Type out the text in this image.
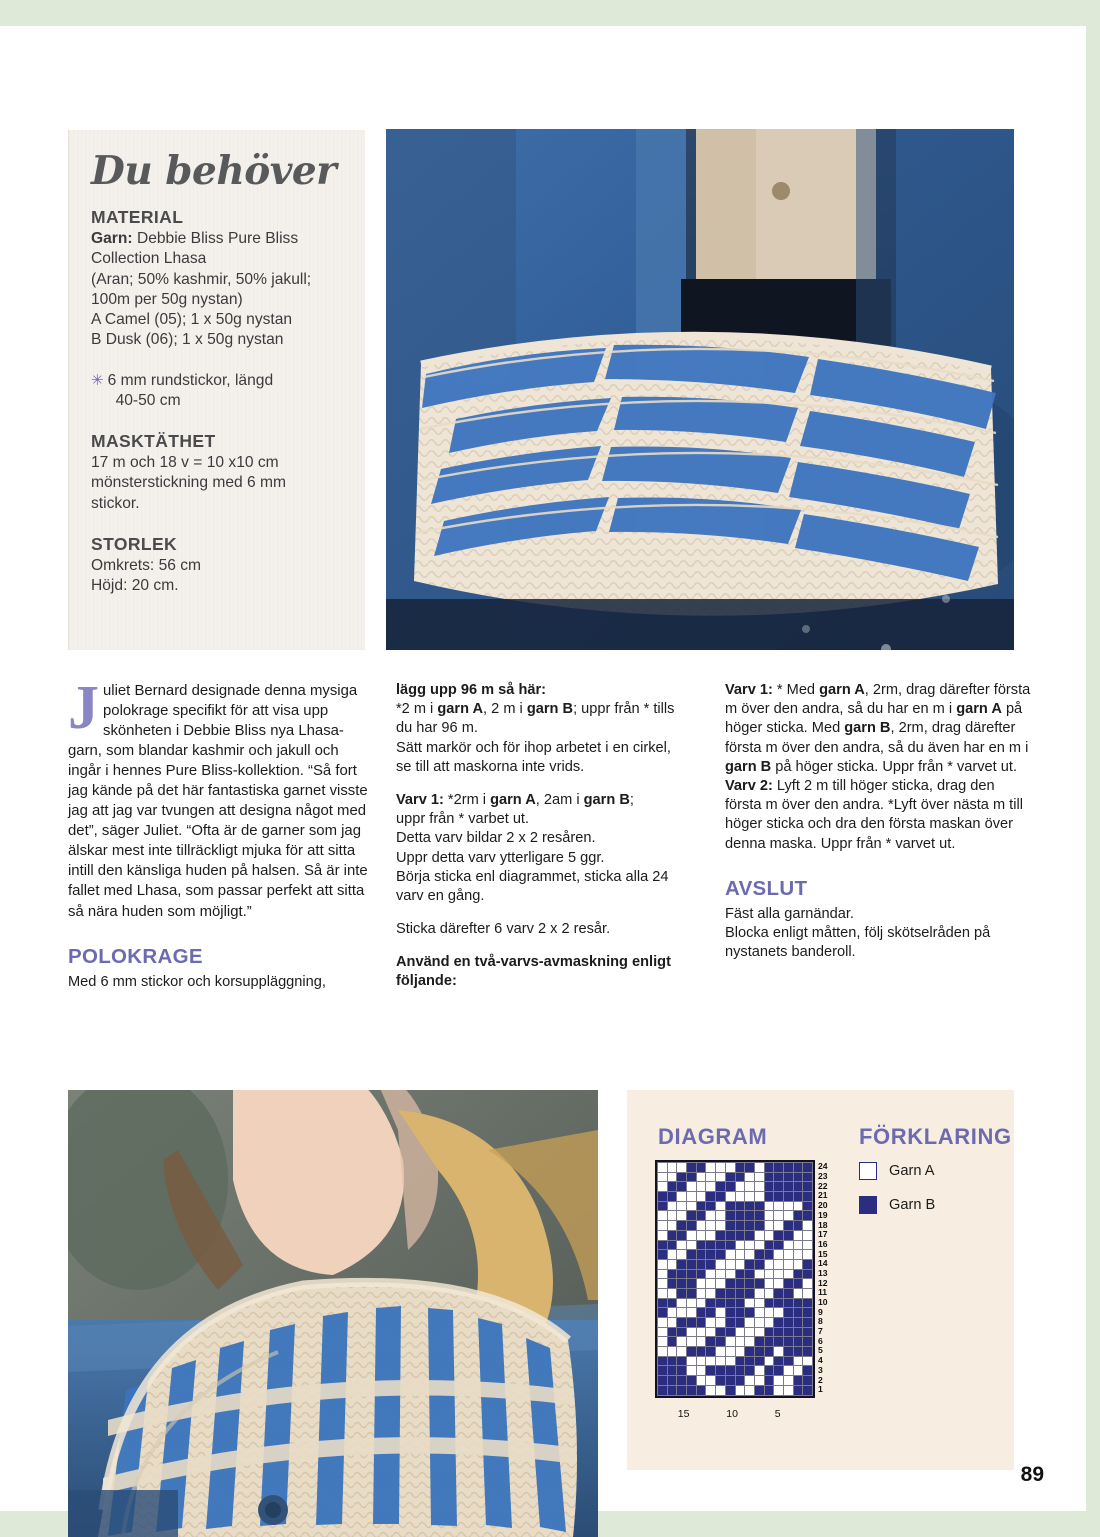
Du behöver
MATERIAL

Garn: Debbie Bliss Pure Bliss

Collection Lhasa

(Aran; 50% kashmir, 50% jakull;

100m per 50g nystan)

A Camel (05); 1 x 50g nystan

B Dusk (06); 1 x 50g nystan

✳ 6 mm rundstickor, längd

40-50 cm

MASKTÄTHET

17 m och 18 v = 10 x10 cm

mönsterstickning med 6 mm

stickor.

STORLEK

Omkrets: 56 cm

Höjd: 20 cm.

Juliet Bernard designade denna mysiga polokrage specifikt för att visa upp skönheten i Debbie Bliss nya Lhasa-garn, som blandar kashmir och jakull och ingår i hennes Pure Bliss-kollektion. “Så fort jag kände på det här fantastiska garnet visste jag att jag var tvungen att designa något med det”, säger Juliet. “Ofta är de garner som jag älskar mest inte tillräckligt mjuka för att sitta intill den känsliga huden på halsen. Så är inte fallet med Lhasa, som passar perfekt att sitta så nära huden som möjligt.”
POLOKRAGE

Med 6 mm stickor och korsuppläggning,

lägg upp 96 m så här:

*2 m i garn A, 2 m i garn B; uppr från * tills

du har 96 m.

Sätt markör och för ihop arbetet i en cirkel,

se till att maskorna inte vrids.

Varv 1: *2rm i garn A, 2am i garn B;

uppr från * varbet ut.

Detta varv bildar 2 x 2 resåren.

Uppr detta varv ytterligare 5 ggr.

Börja sticka enl diagrammet, sticka alla 24

varv en gång.

Sticka därefter 6 varv 2 x 2 resår.

Använd en två-varvs-avmaskning enligt följande:

Varv 1: * Med garn A, 2rm, drag därefter första m över den andra, så du har en m i garn A på höger sticka. Med garn B, 2rm, drag därefter första m över den andra, så du även har en m i garn B på höger sticka. Uppr från * varvet ut.

Varv 2: Lyft 2 m till höger sticka, drag den första m över den andra. *Lyft över nästa m till höger sticka och dra den första maskan över denna maska. Uppr från * varvet ut.

AVSLUT

Fäst alla garnändar.

Blocka enligt måtten, följ skötselråden på

nystanets banderoll.

DIAGRAM	FÖRKLARING

24
23
22
21
20
19
18
17
16
15
14
13
12
11
10
9
8
7
6
5
4
3
2
1
15	10	5
Garn A
Garn B
89
